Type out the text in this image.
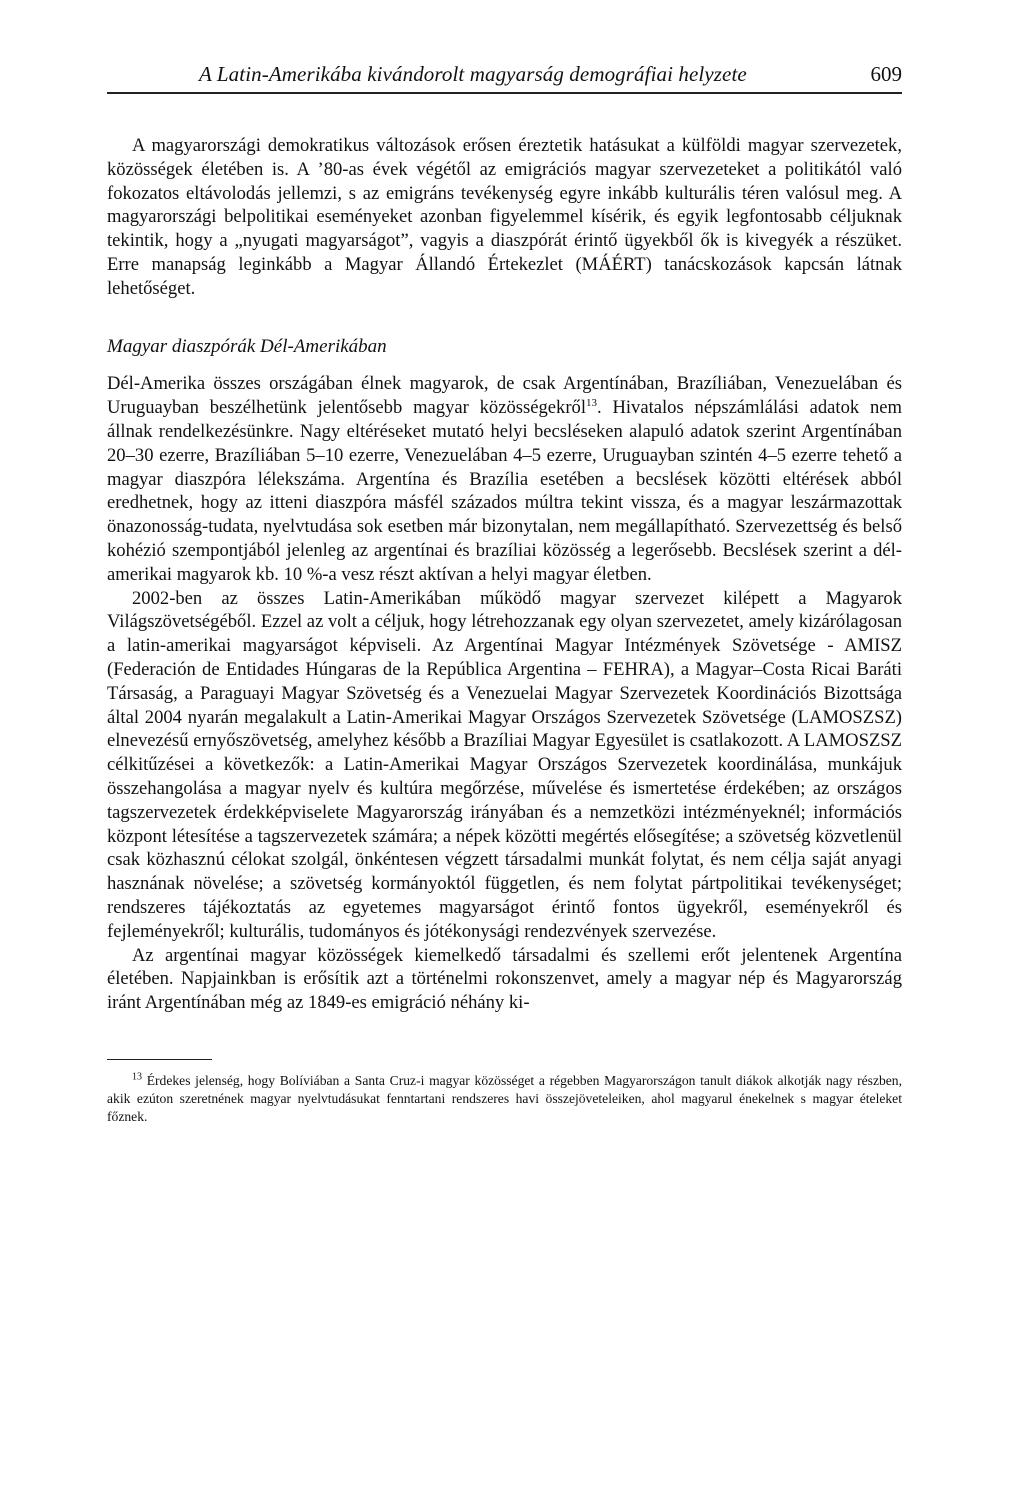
A Latin-Amerikába kivándorolt magyarság demográfiai helyzete	609

A magyarországi demokratikus változások erősen éreztetik hatásukat a külföldi magyar szervezetek, közösségek életében is. A ’80-as évek végétől az emigrációs magyar szervezeteket a politikától való fokozatos eltávolodás jellemzi, s az emigráns tevékenység egyre inkább kulturális téren valósul meg. A magyarországi belpolitikai eseményeket azonban figyelemmel kísérik, és egyik legfontosabb céljuknak tekintik, hogy a „nyugati magyarságot”, vagyis a diaszpórát érintő ügyekből ők is kivegyék a részüket. Erre manapság leginkább a Magyar Állandó Értekezlet (MÁÉRT) tanácskozások kapcsán látnak lehetőséget.

Magyar diaszpórák Dél-Amerikában

Dél-Amerika összes országában élnek magyarok, de csak Argentínában, Brazíliában, Venezuelában és Uruguayban beszélhetünk jelentősebb magyar közösségekről$^{13}$. Hivatalos népszámlálási adatok nem állnak rendelkezésünkre. Nagy eltéréseket mutató helyi becsléseken alapuló adatok szerint Argentínában 20–30 ezerre, Brazíliában 5–10 ezerre, Venezuelában 4–5 ezerre, Uruguayban szintén 4–5 ezerre tehető a magyar diaszpóra lélekszáma. Argentína és Brazília esetében a becslések közötti eltérések abból eredhetnek, hogy az itteni diaszpóra másfél százados múltra tekint vissza, és a magyar leszármazottak önazonosság-tudata, nyelvtudása sok esetben már bizonytalan, nem megállapítható. Szervezettség és belső kohézió szempontjából jelenleg az argentínai és brazíliai közösség a legerősebb. Becslések szerint a dél-amerikai magyarok kb. 10 %-a vesz részt aktívan a helyi magyar életben.

2002-ben az összes Latin-Amerikában működő magyar szervezet kilépett a Magyarok Világszövetségéből. Ezzel az volt a céljuk, hogy létrehozzanak egy olyan szervezetet, amely kizárólagosan a latin-amerikai magyarságot képviseli. Az Argentínai Magyar Intézmények Szövetsége - AMISZ (Federación de Entidades Húngaras de la República Argentina – FEHRA), a Magyar–Costa Ricai Baráti Társaság, a Paraguayi Magyar Szövetség és a Venezuelai Magyar Szervezetek Koordinációs Bizottsága által 2004 nyarán megalakult a Latin-Amerikai Magyar Országos Szervezetek Szövetsége (LAMOSZSZ) elnevezésű ernyőszövetség, amelyhez később a Brazíliai Magyar Egyesület is csatlakozott. A LAMOSZSZ célkitűzései a következők: a Latin-Amerikai Magyar Országos Szervezetek koordinálása, munkájuk összehangolása a magyar nyelv és kultúra megőrzése, művelése és ismertetése érdekében; az országos tagszervezetek érdekképviselete Magyarország irányában és a nemzetközi intézményeknél; információs központ létesítése a tagszervezetek számára; a népek közötti megértés elősegítése; a szövetség közvetlenül csak közhasznú célokat szolgál, önkéntesen végzett társadalmi munkát folytat, és nem célja saját anyagi hasznának növelése; a szövetség kormányoktól független, és nem folytat pártpolitikai tevékenységet; rendszeres tájékoztatás az egyetemes magyarságot érintő fontos ügyekről, eseményekről és fejleményekről; kulturális, tudományos és jótékonysági rendezvények szervezése.

Az argentínai magyar közösségek kiemelkedő társadalmi és szellemi erőt jelentenek Argentína életében. Napjainkban is erősítik azt a történelmi rokonszenvet, amely a magyar nép és Magyarország iránt Argentínában még az 1849-es emigráció néhány ki-

$^{13}$ Érdekes jelenség, hogy Bolíviában a Santa Cruz-i magyar közösséget a régebben Magyarországon tanult diákok alkotják nagy részben, akik ezúton szeretnének magyar nyelvtudásukat fenntartani rendszeres havi összejöveteleiken, ahol magyarul énekelnek s magyar ételeket főznek.
